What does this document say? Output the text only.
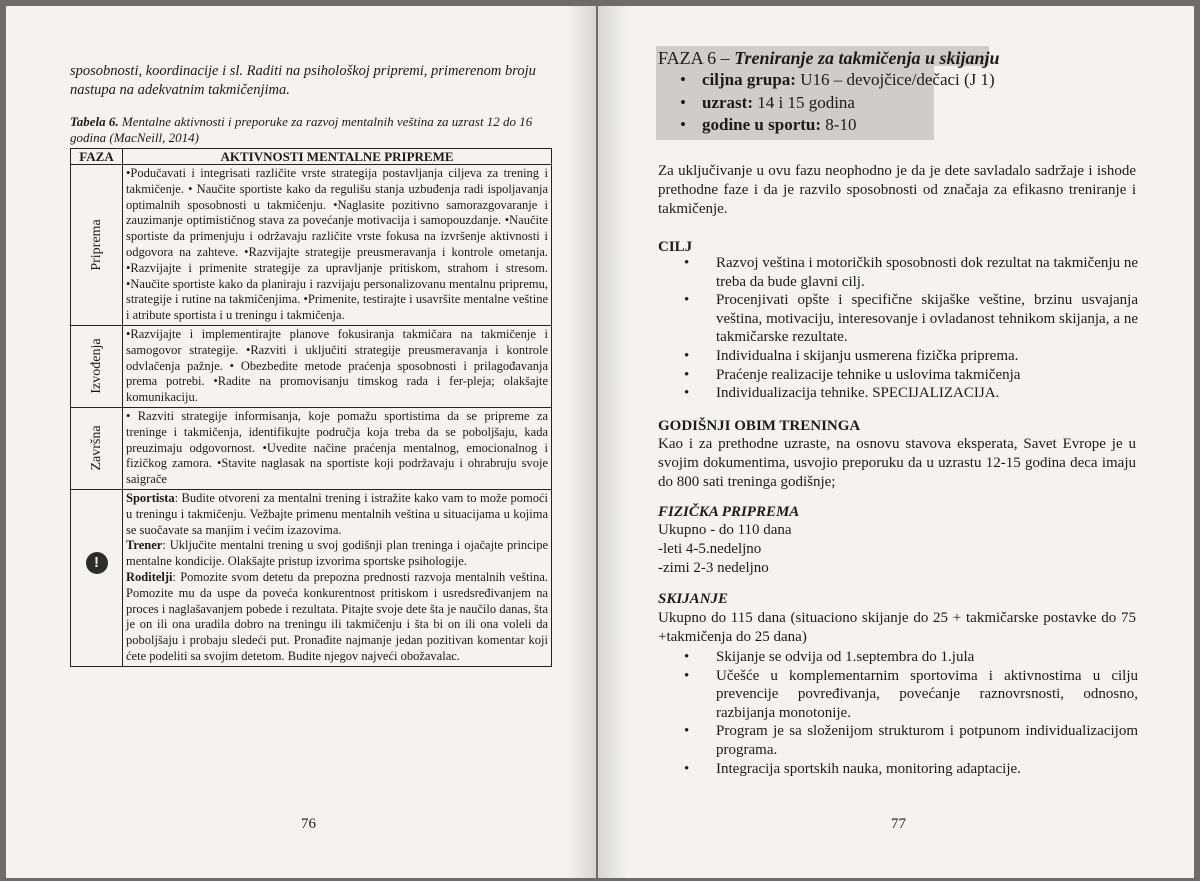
sposobnosti, koordinacije i sl. Raditi na psihološkoj pripremi, primerenom broju nastupa na adekvatnim takmičenjima.

Tabela 6. Mentalne aktivnosti i preporuke za razvoj mentalnih veština za uzrast 12 do 16 godina (MacNeill, 2014)

FAZA	AKTIVNOSTI MENTALNE PRIPREME

Priprema	•Podučavati i integrisati različite vrste strategija postavljanja ciljeva za trening i takmičenje. • Naučite sportiste kako da regulišu stanja uzbuđenja radi ispoljavanja optimalnih sposobnosti u takmičenju. •Naglasite pozitivno samorazgovaranje i zauzimanje optimističnog stava za povećanje motivacija i samopouzdanje. •Naučite sportiste da primenjuju i održavaju različite vrste fokusa na izvršenje aktivnosti i odgovora na zahteve. •Razvijajte strategije preusmeravanja i kontrole ometanja. •Razvijajte i primenite strategije za upravljanje pritiskom, strahom i stresom. •Naučite sportiste kako da planiraju i razvijaju personalizovanu mentalnu pripremu, strategije i rutine na takmičenjima. •Primenite, testirajte i usavršite mentalne veštine i atribute sportista i u treningu i takmičenja.

Izvođenja	•Razvijajte i implementirajte planove fokusiranja takmičara na takmičenje i samogovor strategije. •Razviti i uključiti strategije preusmeravanja i kontrole odvlačenja pažnje. • Obezbedite metode praćenja sposobnosti i prilagođavanja prema potrebi. •Radite na promovisanju timskog rada i fer-pleja; olakšajte komunikaciju.

Završna	• Razviti strategije informisanja, koje pomažu sportistima da se pripreme za treninge i takmičenja, identifikujte područja koja treba da se poboljšaju, kada preuzimaju odgovornost. •Uvedite načine praćenja mentalnog, emocionalnog i fizičkog zamora. •Stavite naglasak na sportiste koji podržavaju i ohrabruju svoje saigrače

!	Sportista: Budite otvoreni za mentalni trening i istražite kako vam to može pomoći u treningu i takmičenju. Vežbajte primenu mentalnih veština u situacijama u kojima se suočavate sa manjim i većim izazovima.

Trener: Uključite mentalni trening u svoj godišnji plan treninga i ojačajte principe mentalne kondicije. Olakšajte pristup izvorima sportske psihologije.

Roditelji: Pomozite svom detetu da prepozna prednosti razvoja mentalnih veština. Pomozite mu da uspe da poveća konkurentnost pritiskom i usredsređivanjem na proces i naglašavanjem pobede i rezultata. Pitajte svoje dete šta je naučilo danas, šta je on ili ona uradila dobro na treningu ili takmičenju i šta bi on ili ona voleli da poboljšaju i probaju sledeći put. Pronađite najmanje jedan pozitivan komentar koji ćete podeliti sa svojim detetom. Budite njegov najveći obožavalac.

76
FAZA 6 – Treniranje za takmičenja u skijanju
• ciljna grupa: U16 – devojčice/dečaci (J 1)
• uzrast: 14 i 15 godina
• godine u sportu: 8-10

Za uključivanje u ovu fazu neophodno je da je dete savladalo sadržaje i ishode prethodne faze i da je razvilo sposobnosti od značaja za efikasno treniranje i takmičenje.

CILJ
• Razvoj veština i motoričkih sposobnosti dok rezultat na takmičenju ne treba da bude glavni cilj.
• Procenjivati opšte i specifične skijaške veštine, brzinu usvajanja veština, motivaciju, interesovanje i ovladanost tehnikom skijanja, a ne takmičarske rezultate.
• Individualna i skijanju usmerena fizička priprema.
• Praćenje realizacije tehnike u uslovima takmičenja
• Individualizacija tehnike. SPECIJALIZACIJA.
GODIŠNJI OBIM TRENINGA

Kao i za prethodne uzraste, na osnovu stavova eksperata, Savet Evrope je u svojim dokumentima, usvojio preporuku da u uzrastu 12-15 godina deca imaju do 800 sati treninga godišnje;

FIZIČKA PRIPREMA
Ukupno - do 110 dana
-leti 4-5.nedeljno
-zimi 2-3 nedeljno
SKIJANJE

Ukupno do 115 dana (situaciono skijanje do 25 + takmičarske postavke do 75 +takmičenja do 25 dana)

• Skijanje se odvija od 1.septembra do 1.jula
• Učešće u komplementarnim sportovima i aktivnostima u cilju prevencije povređivanja, povećanje raznovrsnosti, odnosno, razbijanja monotonije.
• Program je sa složenijom strukturom i potpunom individualizacijom programa.
• Integracija sportskih nauka, monitoring adaptacije.
77
